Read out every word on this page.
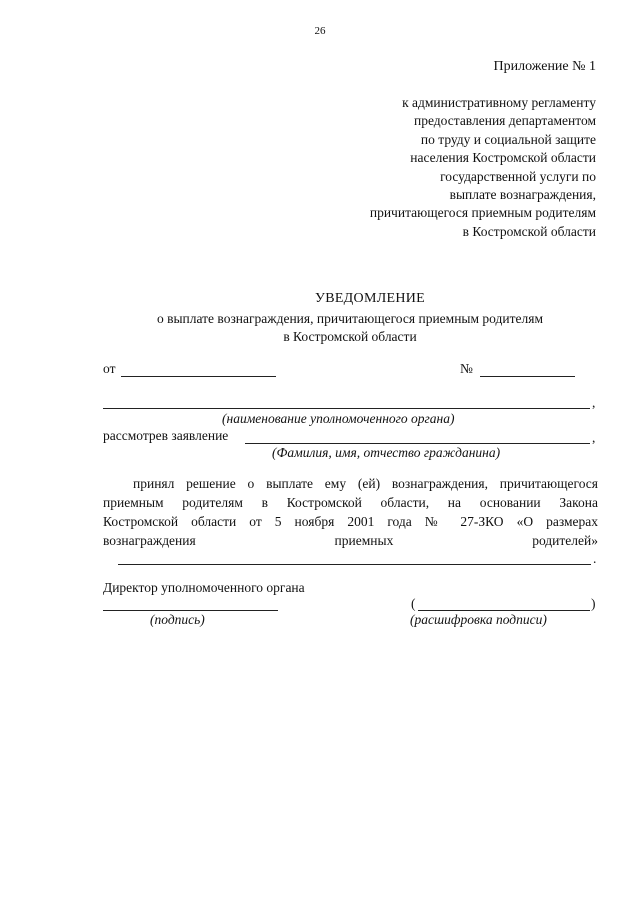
26
Приложение № 1
к административному регламенту
предоставления департаментом
по труду и социальной защите
населения Костромской области
государственной услуги по
выплате вознаграждения,
причитающегося приемным родителям
в Костромской области
УВЕДОМЛЕНИЕ
о выплате вознаграждения, причитающегося приемным родителям
в Костромской области
от	№
,
(наименование уполномоченного органа)
рассмотрев заявление	,
(Фамилия, имя, отчество гражданина)
принял решение о выплате ему (ей) вознаграждения, причитающегося
приемным родителям в Костромской области, на основании Закона
Костромской области от 5 ноября 2001 года № 27-ЗКО «О размерах
вознаграждения приемных родителей»
.
Директор уполномоченного органа
(подпись)
(	)
(расшифровка подписи)
